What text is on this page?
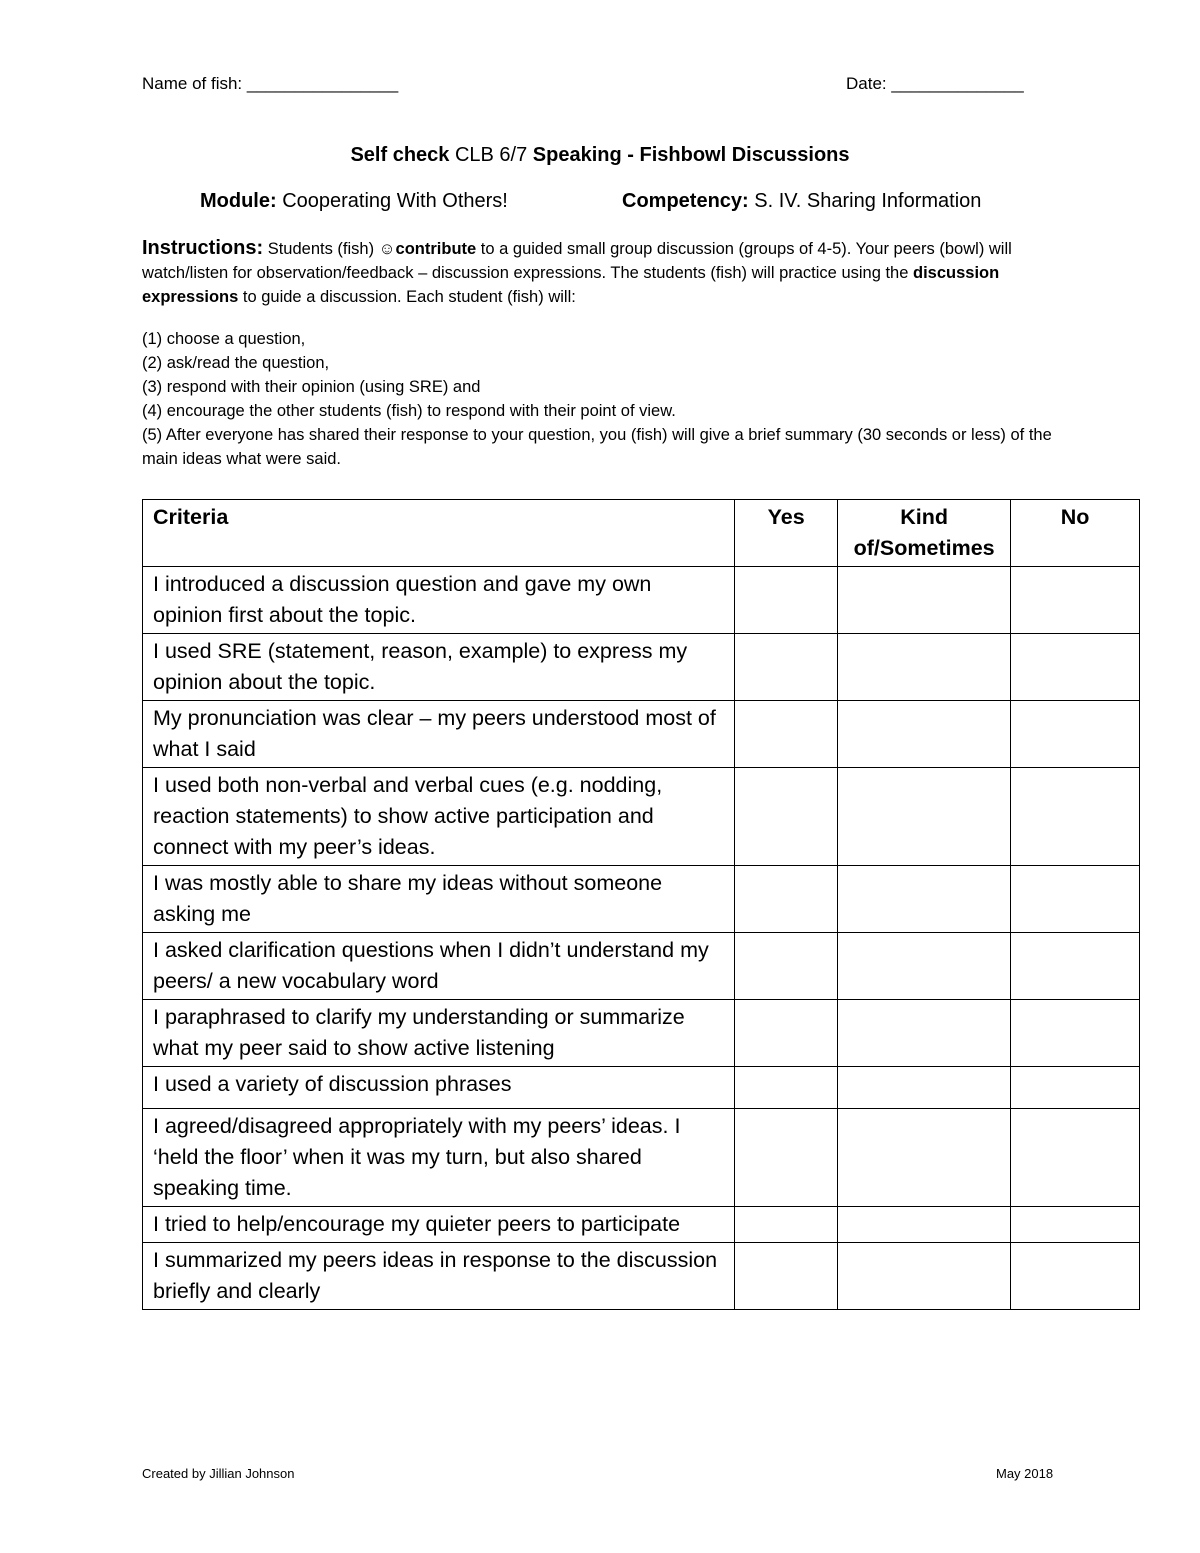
Name of fish: ________________	Date: ______________
Self check CLB 6/7 Speaking - Fishbowl Discussions
Module: Cooperating With Others!	Competency: S. IV. Sharing Information
Instructions: Students (fish) ☺contribute to a guided small group discussion (groups of 4-5). Your peers (bowl) will watch/listen for observation/feedback – discussion expressions. The students (fish) will practice using the discussion expressions to guide a discussion. Each student (fish) will:
(1) choose a question,
(2) ask/read the question,
(3) respond with their opinion (using SRE) and
(4) encourage the other students (fish) to respond with their point of view.
(5) After everyone has shared their response to your question, you (fish) will give a brief summary (30 seconds or less) of the main ideas what were said.
Criteria	Yes	Kind of/Sometimes	No
I introduced a discussion question and gave my own opinion first about the topic.			
I used SRE (statement, reason, example) to express my opinion about the topic.			
My pronunciation was clear – my peers understood most of what I said			
I used both non-verbal and verbal cues (e.g. nodding, reaction statements) to show active participation and connect with my peer’s ideas.			
I was mostly able to share my ideas without someone asking me			
I asked clarification questions when I didn’t understand my peers/ a new vocabulary word			
I paraphrased to clarify my understanding or summarize what my peer said to show active listening			
I used a variety of discussion phrases			
I agreed/disagreed appropriately with my peers’ ideas. I ‘held the floor’ when it was my turn, but also shared speaking time.			
I tried to help/encourage my quieter peers to participate			
I summarized my peers ideas in response to the discussion briefly and clearly			
Created by Jillian Johnson	May 2018
